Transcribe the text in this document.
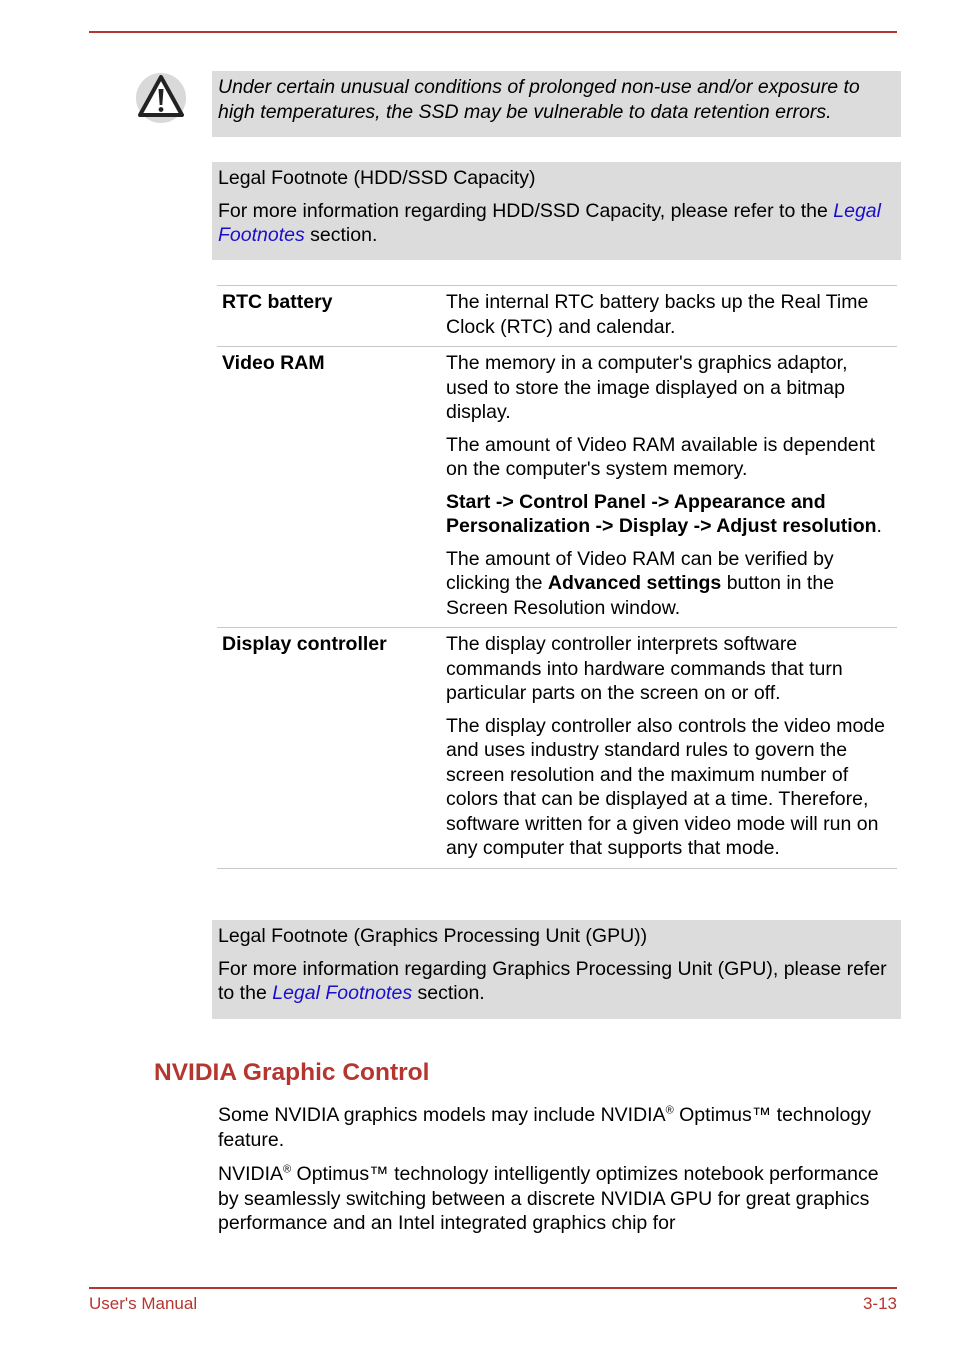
Under certain unusual conditions of prolonged non-use and/or exposure to high temperatures, the SSD may be vulnerable to data retention errors.

Legal Footnote (HDD/SSD Capacity)

For more information regarding HDD/SSD Capacity, please refer to the Legal Footnotes section.

RTC battery	The internal RTC battery backs up the Real Time Clock (RTC) and calendar.

Video RAM	The memory in a computer's graphics adaptor, used to store the image displayed on a bitmap display.

The amount of Video RAM available is dependent on the computer's system memory.

Start -> Control Panel -> Appearance and Personalization -> Display -> Adjust resolution.

The amount of Video RAM can be verified by clicking the Advanced settings button in the Screen Resolution window.

Display controller	The display controller interprets software commands into hardware commands that turn particular parts on the screen on or off.

The display controller also controls the video mode and uses industry standard rules to govern the screen resolution and the maximum number of colors that can be displayed at a time. Therefore, software written for a given video mode will run on any computer that supports that mode.

Legal Footnote (Graphics Processing Unit (GPU))

For more information regarding Graphics Processing Unit (GPU), please refer to the Legal Footnotes section.

NVIDIA Graphic Control

Some NVIDIA graphics models may include NVIDIA® Optimus™ technology feature.

NVIDIA® Optimus™ technology intelligently optimizes notebook performance by seamlessly switching between a discrete NVIDIA GPU for great graphics performance and an Intel integrated graphics chip for

User's Manual	3-13
